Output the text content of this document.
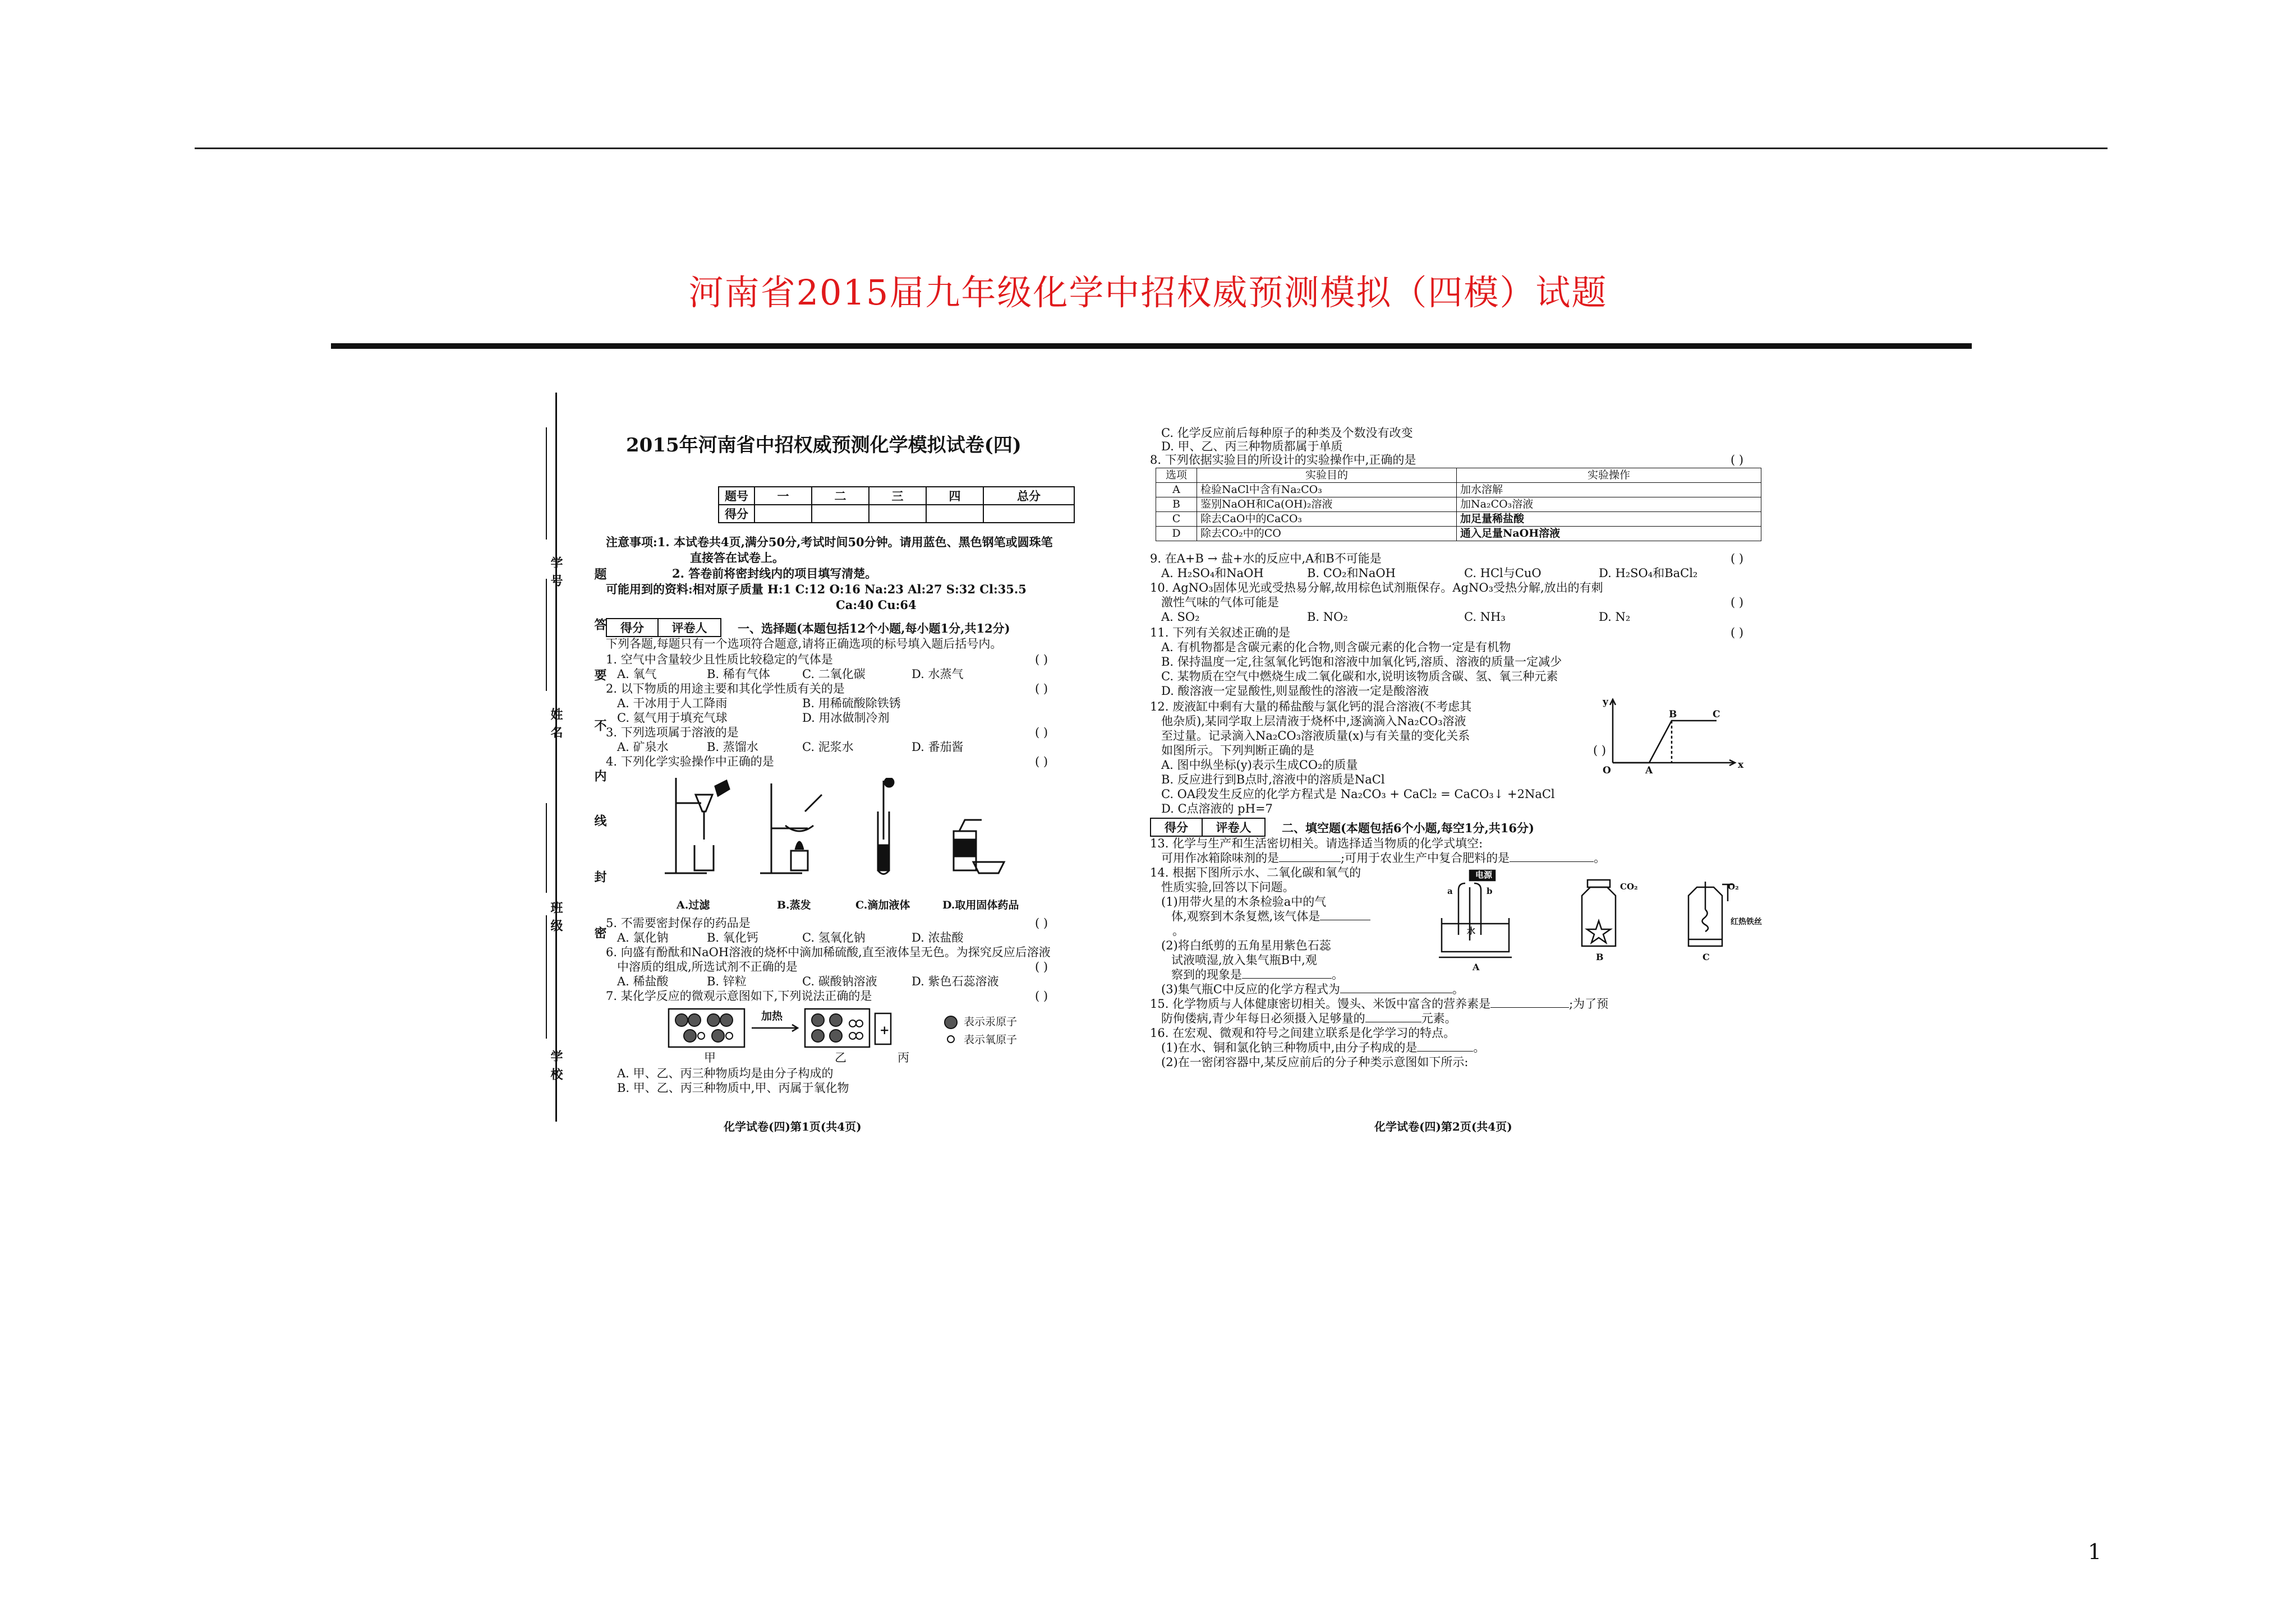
河南省2015届九年级化学中招权威预测模拟（四模）试题
学校
班级
姓名
学号
密
封
线
内
不
要
答
题
2015年河南省中招权威预测化学模拟试卷(四)
题号	一	二	三	四	总分
得分					
注意事项:1. 本试卷共4页,满分50分,考试时间50分钟。请用蓝色、黑色钢笔或圆珠笔
直接答在试卷上。
2. 答卷前将密封线内的项目填写清楚。
可能用到的资料:相对原子质量 H:1 C:12 O:16 Na:23 Al:27 S:32 Cl:35.5
Ca:40 Cu:64
得分	评卷人	一、选择题(本题包括12个小题,每小题1分,共12分)
下列各题,每题只有一个选项符合题意,请将正确选项的标号填入题后括号内。
1. 空气中含量较少且性质比较稳定的气体是	( )
A. 氧气	B. 稀有气体	C. 二氧化碳	D. 水蒸气
2. 以下物质的用途主要和其化学性质有关的是
A. 干冰用于人工降雨	B. 用稀硫酸除铁锈
( )
C. 氦气用于填充气球	D. 用冰做制冷剂
3. 下列选项属于溶液的是	( )
A. 矿泉水	B. 蒸馏水	C. 泥浆水	D. 番茄酱
4. 下列化学实验操作中正确的是	( )
A.过滤	B.蒸发	C.滴加液体	D.取用固体药品
5. 不需要密封保存的药品是	( )
A. 氯化钠	B. 氧化钙	C. 氢氧化钠	D. 浓盐酸
6. 向盛有酚酞和NaOH溶液的烧杯中滴加稀硫酸,直至液体呈无色。为探究反应后溶液
中溶质的组成,所选试剂不正确的是	( )
A. 稀盐酸	B. 锌粒	C. 碳酸钠溶液	D. 紫色石蕊溶液
7. 某化学反应的微观示意图如下,下列说法正确的是	( )
加热
+
甲	乙	丙
表示汞原子
表示氧原子
A. 甲、乙、丙三种物质均是由分子构成的
B. 甲、乙、丙三种物质中,甲、丙属于氧化物
化学试卷(四)第1页(共4页)
C. 化学反应前后每种原子的种类及个数没有改变
D. 甲、乙、丙三种物质都属于单质
8. 下列依据实验目的所设计的实验操作中,正确的是	( )
选项	实验目的	实验操作
A	检验NaCl中含有Na₂CO₃	加水溶解
B	鉴别NaOH和Ca(OH)₂溶液	加Na₂CO₃溶液
C	除去CaO中的CaCO₃	加足量稀盐酸
D	除去CO₂中的CO	通入足量NaOH溶液
9. 在A+B → 盐+水的反应中,A和B不可能是	( )
A. H₂SO₄和NaOH	B. CO₂和NaOH	C. HCl与CuO	D. H₂SO₄和BaCl₂
10. AgNO₃固体见光或受热易分解,故用棕色试剂瓶保存。AgNO₃受热分解,放出的有刺
激性气味的气体可能是	( )
A. SO₂	B. NO₂	C. NH₃	D. N₂
11. 下列有关叙述正确的是	( )
A. 有机物都是含碳元素的化合物,则含碳元素的化合物一定是有机物
B. 保持温度一定,往氢氧化钙饱和溶液中加氧化钙,溶质、溶液的质量一定减少
C. 某物质在空气中燃烧生成二氧化碳和水,说明该物质含碳、氢、氧三种元素
D. 酸溶液一定显酸性,则显酸性的溶液一定是酸溶液
12. 废液缸中剩有大量的稀盐酸与氯化钙的混合溶液(不考虑其
他杂质),某同学取上层清液于烧杯中,逐滴滴入Na₂CO₃溶液
至过量。记录滴入Na₂CO₃溶液质量(x)与有关量的变化关系
如图所示。下列判断正确的是	( )
y
x
O	A
B	C
A. 图中纵坐标(y)表示生成CO₂的质量
B. 反应进行到B点时,溶液中的溶质是NaCl
C. OA段发生反应的化学方程式是 Na₂CO₃ + CaCl₂ = CaCO₃↓ +2NaCl
D. C点溶液的 pH=7
得分	评卷人	二、填空题(本题包括6个小题,每空1分,共16分)
13. 化学与生产和生活密切相关。请选择适当物质的化学式填空:
可用作冰箱除味剂的是	;可用于农业生产中复合肥料的是	。
14. 根据下图所示水、二氧化碳和氧气的
性质实验,回答以下问题。
(1)用带火星的木条检验a中的气
体,观察到木条复燃,该气体是
。
(2)将白纸剪的五角星用紫色石蕊
试液喷湿,放入集气瓶B中,观
察到的现象是	。
(3)集气瓶C中反应的化学方程式为	。
电源
a	b
水
CO₂	O₂
红热铁丝
A
B	C
15. 化学物质与人体健康密切相关。馒头、米饭中富含的营养素是	;为了预
防佝偻病,青少年每日必须摄入足够量的	元素。
16. 在宏观、微观和符号之间建立联系是化学学习的特点。
(1)在水、铜和氯化钠三种物质中,由分子构成的是	。
(2)在一密闭容器中,某反应前后的分子种类示意图如下所示:
化学试卷(四)第2页(共4页)
1
